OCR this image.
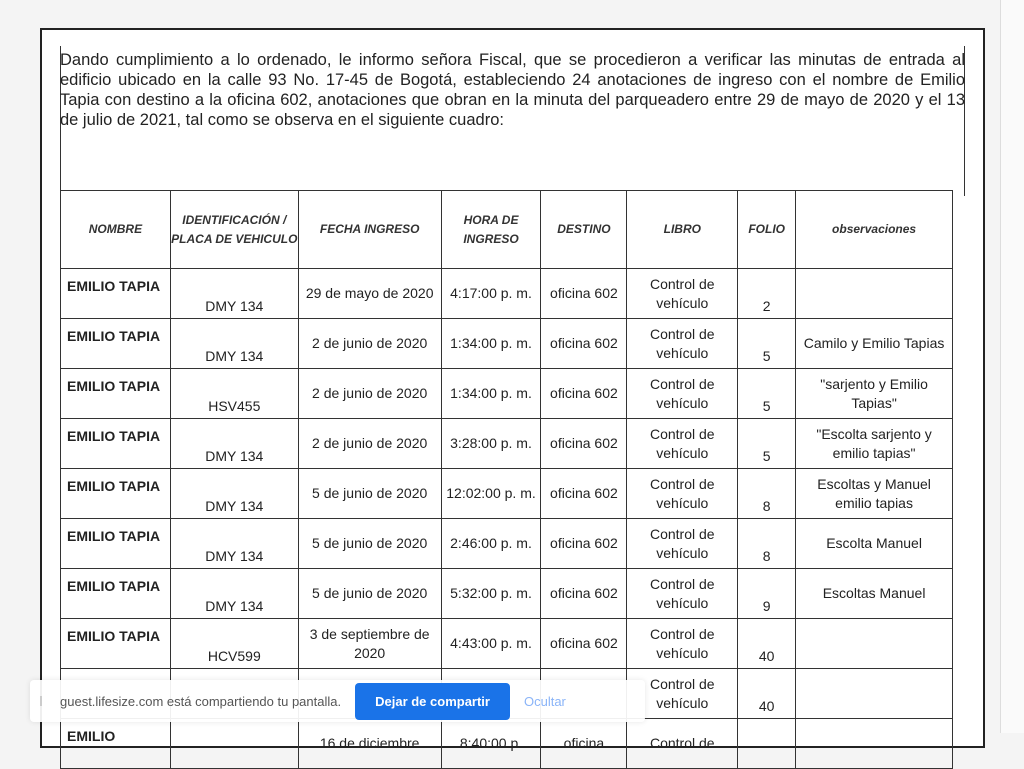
Dando cumplimiento a lo ordenado, le informo señora Fiscal, que se procedieron a verificar las minutas de entrada al edificio ubicado en la calle 93 No. 17-45 de Bogotá, estableciendo 24 anotaciones de ingreso con el nombre de Emilio Tapia con destino a la oficina 602, anotaciones que obran en la minuta del parqueadero entre 29 de mayo de 2020 y el 13 de julio de 2021, tal como se observa en el siguiente cuadro:

NOMBRE	IDENTIFICACIÓN / PLACA DE VEHICULO	FECHA INGRESO	HORA DE INGRESO	DESTINO	LIBRO	FOLIO	observaciones
EMILIO TAPIA	DMY 134	29 de mayo de 2020	4:17:00 p. m.	oficina 602	Control de vehículo	2	
EMILIO TAPIA	DMY 134	2 de junio de 2020	1:34:00 p. m.	oficina 602	Control de vehículo	5	Camilo y Emilio Tapias
EMILIO TAPIA	HSV455	2 de junio de 2020	1:34:00 p. m.	oficina 602	Control de vehículo	5	"sarjento y Emilio Tapias"
EMILIO TAPIA	DMY 134	2 de junio de 2020	3:28:00 p. m.	oficina 602	Control de vehículo	5	"Escolta sarjento y emilio tapias"
EMILIO TAPIA	DMY 134	5 de junio de 2020	12:02:00 p. m.	oficina 602	Control de vehículo	8	Escoltas y Manuel emilio tapias
EMILIO TAPIA	DMY 134	5 de junio de 2020	2:46:00 p. m.	oficina 602	Control de vehículo	8	Escolta Manuel
EMILIO TAPIA	DMY 134	5 de junio de 2020	5:32:00 p. m.	oficina 602	Control de vehículo	9	Escoltas Manuel
EMILIO TAPIA	HCV599	3 de septiembre de 2020	4:43:00 p. m.	oficina 602	Control de vehículo	40	
					Control de vehículo	40	
EMILIO		16 de diciembre	8:40:00 p.	oficina	Control de		
guest.lifesize.com está compartiendo tu pantalla.	Dejar de compartir	Ocultar
